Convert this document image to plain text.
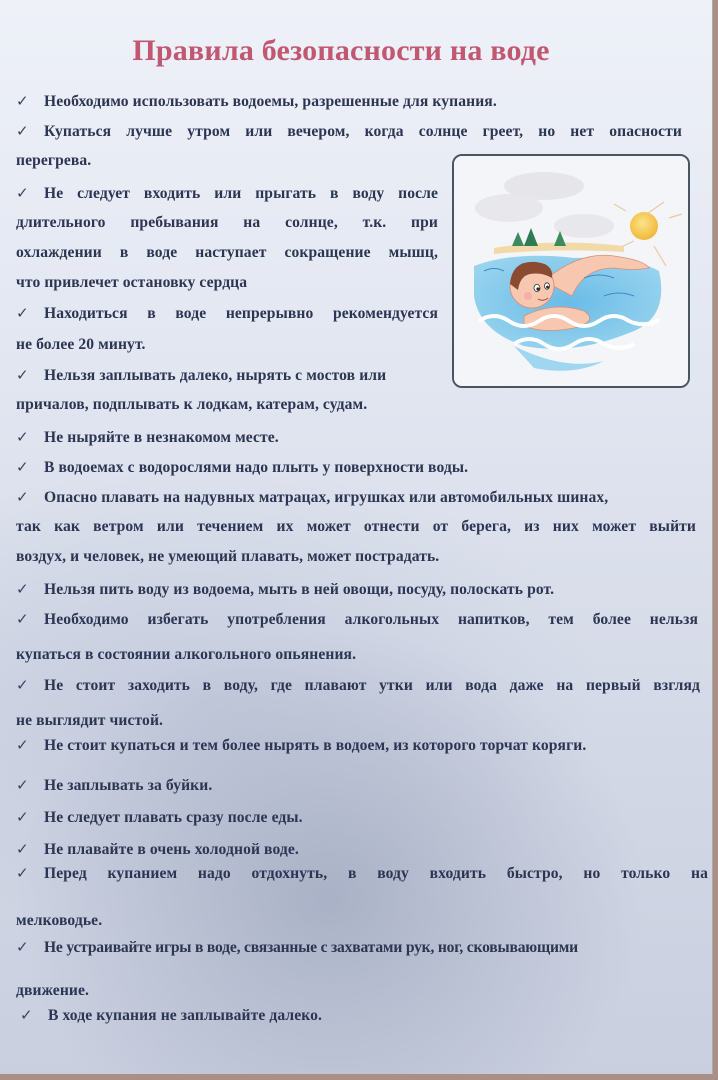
Правила безопасности на воде
✓ Необходимо использовать водоемы, разрешенные для купания.
✓ Купаться лучше утром или вечером, когда солнце греет, но нет опасности
перегрева.
✓ Не следует входить или прыгать в воду после
длительного пребывания на солнце, т.к. при
охлаждении в воде наступает сокращение мышц,
что привлечет остановку сердца
✓ Находиться в воде непрерывно рекомендуется
не более 20 минут.
✓ Нельзя заплывать далеко, нырять с мостов или
причалов, подплывать к лодкам, катерам, судам.
✓ Не ныряйте в незнакомом месте.
✓ В водоемах с водорослями надо плыть у поверхности воды.
✓ Опасно плавать на надувных матрацах, игрушках или автомобильных шинах,
так как ветром или течением их может отнести от берега, из них может выйти
воздух, и человек, не умеющий плавать, может пострадать.
✓ Нельзя пить воду из водоема, мыть в ней овощи, посуду, полоскать рот.
✓ Необходимо избегать употребления алкогольных напитков, тем более нельзя
купаться в состоянии алкогольного опьянения.
✓ Не стоит заходить в воду, где плавают утки или вода даже на первый взгляд
не выглядит чистой.
✓ Не стоит купаться и тем более нырять в водоем, из которого торчат коряги.
✓ Не заплывать за буйки.
✓ Не следует плавать сразу после еды.
✓ Не плавайте в очень холодной воде.
✓ Перед купанием надо отдохнуть, в воду входить быстро, но только на
мелководье.
✓ Не устраивайте игры в воде, связанные с захватами рук, ног, сковывающими
движение.
✓ В ходе купания не заплывайте далеко.
